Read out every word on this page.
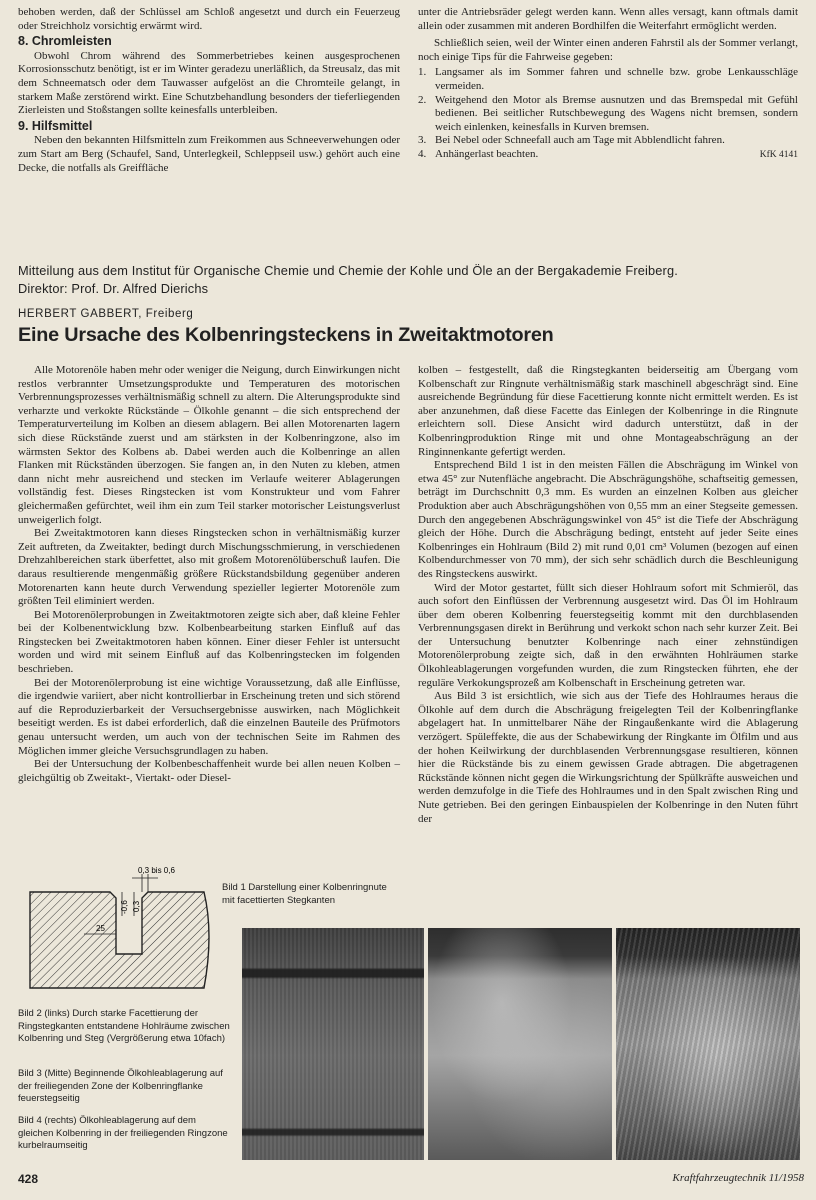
behoben werden, daß der Schlüssel am Schloß angesetzt und durch ein Feuerzeug oder Streichholz vorsichtig erwärmt wird.

8. Chromleisten

Obwohl Chrom während des Sommerbetriebes keinen ausgesprochenen Korrosionsschutz benötigt, ist er im Winter geradezu unerläßlich, da Streusalz, das mit dem Schneematsch oder dem Tauwasser aufgelöst an die Chromteile gelangt, in starkem Maße zerstörend wirkt. Eine Schutzbehandlung besonders der tieferliegenden Zierleisten und Stoßstangen sollte keinesfalls unterbleiben.

9. Hilfsmittel

Neben den bekannten Hilfsmitteln zum Freikommen aus Schneeverwehungen oder zum Start am Berg (Schaufel, Sand, Unterlegkeil, Schleppseil usw.) gehört auch eine Decke, die notfalls als Greiffläche

unter die Antriebsräder gelegt werden kann. Wenn alles versagt, kann oftmals damit allein oder zusammen mit anderen Bordhilfen die Weiterfahrt ermöglicht werden.

Schließlich seien, weil der Winter einen anderen Fahrstil als der Sommer verlangt, noch einige Tips für die Fahrweise gegeben:

1. Langsamer als im Sommer fahren und schnelle bzw. grobe Lenkausschläge vermeiden.
2. Weitgehend den Motor als Bremse ausnutzen und das Bremspedal mit Gefühl bedienen. Bei seitlicher Rutschbewegung des Wagens nicht bremsen, sondern weich einlenken, keinesfalls in Kurven bremsen.
3. Bei Nebel oder Schneefall auch am Tage mit Abblendlicht fahren.
4. Anhängerlast beachten.	KfK 4141
Mitteilung aus dem Institut für Organische Chemie und Chemie der Kohle und Öle an der Bergakademie Freiberg.
Direktor: Prof. Dr. Alfred Dierichs
HERBERT GABBERT, Freiberg
Eine Ursache des Kolbenringsteckens in Zweitaktmotoren

Alle Motorenöle haben mehr oder weniger die Neigung, durch Einwirkungen nicht restlos verbrannter Umsetzungsprodukte und Temperaturen des motorischen Verbrennungsprozesses verhältnismäßig schnell zu altern. Die Alterungsprodukte sind verharzte und verkokte Rückstände – Ölkohle genannt – die sich entsprechend der Temperaturverteilung im Kolben an diesem ablagern. Bei allen Motorenarten lagern sich diese Rückstände zuerst und am stärksten in der Kolbenringzone, also im wärmsten Sektor des Kolbens ab. Dabei werden auch die Kolbenringe an allen Flanken mit Rückständen überzogen. Sie fangen an, in den Nuten zu kleben, atmen dann nicht mehr ausreichend und stecken im Verlaufe weiterer Ablagerungen vollständig fest. Dieses Ringstecken ist vom Konstrukteur und vom Fahrer gleichermaßen gefürchtet, weil ihm ein zum Teil starker motorischer Leistungsverlust unweigerlich folgt.

Bei Zweitaktmotoren kann dieses Ringstecken schon in verhältnismäßig kurzer Zeit auftreten, da Zweitakter, bedingt durch Mischungsschmierung, in verschiedenen Drehzahlbereichen stark überfettet, also mit großem Motorenölüberschuß laufen. Die daraus resultierende mengenmäßig größere Rückstandsbildung gegenüber anderen Motorenarten kann heute durch Verwendung spezieller legierter Motorenöle zum größten Teil eliminiert werden.

Bei Motorenölerprobungen in Zweitaktmotoren zeigte sich aber, daß kleine Fehler bei der Kolbenentwicklung bzw. Kolbenbearbeitung starken Einfluß auf das Ringstecken bei Zweitaktmotoren haben können. Einer dieser Fehler ist untersucht worden und wird mit seinem Einfluß auf das Kolbenringstecken im folgenden beschrieben.

Bei der Motorenölerprobung ist eine wichtige Voraussetzung, daß alle Einflüsse, die irgendwie variiert, aber nicht kontrollierbar in Erscheinung treten und sich störend auf die Reproduzierbarkeit der Versuchsergebnisse auswirken, nach Möglichkeit beseitigt werden. Es ist dabei erforderlich, daß die einzelnen Bauteile des Prüfmotors genau untersucht werden, um auch von der technischen Seite im Rahmen des Möglichen immer gleiche Versuchsgrundlagen zu haben.

Bei der Untersuchung der Kolbenbeschaffenheit wurde bei allen neuen Kolben – gleichgültig ob Zweitakt-, Viertakt- oder Diesel-

kolben – festgestellt, daß die Ringstegkanten beiderseitig am Übergang vom Kolbenschaft zur Ringnute verhältnismäßig stark maschinell abgeschrägt sind. Eine ausreichende Begründung für diese Facettierung konnte nicht ermittelt werden. Es ist aber anzunehmen, daß diese Facette das Einlegen der Kolbenringe in die Ringnute erleichtern soll. Diese Ansicht wird dadurch unterstützt, daß in der Kolbenringproduktion Ringe mit und ohne Montageabschrägung an der Ringinnenkante gefertigt werden.

Entsprechend Bild 1 ist in den meisten Fällen die Abschrägung im Winkel von etwa 45° zur Nutenfläche angebracht. Die Abschrägungshöhe, schaftseitig gemessen, beträgt im Durchschnitt 0,3 mm. Es wurden an einzelnen Kolben aus gleicher Produktion aber auch Abschrägungshöhen von 0,55 mm an einer Stegseite gemessen. Durch den angegebenen Abschrägungswinkel von 45° ist die Tiefe der Abschrägung gleich der Höhe. Durch die Abschrägung bedingt, entsteht auf jeder Seite eines Kolbenringes ein Hohlraum (Bild 2) mit rund 0,01 cm³ Volumen (bezogen auf einen Kolbendurchmesser von 70 mm), der sich sehr schädlich durch die Beschleunigung des Ringsteckens auswirkt.

Wird der Motor gestartet, füllt sich dieser Hohlraum sofort mit Schmieröl, das auch sofort den Einflüssen der Verbrennung ausgesetzt wird. Das Öl im Hohlraum über dem oberen Kolbenring feuerstegseitig kommt mit den durchblasenden Verbrennungsgasen direkt in Berührung und verkokt schon nach sehr kurzer Zeit. Bei der Untersuchung benutzter Kolbenringe nach einer zehnstündigen Motorenölerprobung zeigte sich, daß in den erwähnten Hohlräumen starke Ölkohleablagerungen vorgefunden wurden, die zum Ringstecken führten, ehe der reguläre Verkokungsprozeß am Kolbenschaft in Erscheinung getreten war.

Aus Bild 3 ist ersichtlich, wie sich aus der Tiefe des Hohlraumes heraus die Ölkohle auf dem durch die Abschrägung freigelegten Teil der Kolbenringflanke abgelagert hat. In unmittelbarer Nähe der Ringaußenkante wird die Ablagerung verzögert. Spüleffekte, die aus der Schabewirkung der Ringkante im Ölfilm und aus der hohen Keilwirkung der durchblasenden Verbrennungsgase resultieren, können hier die Rückstände bis zu einem gewissen Grade abtragen. Die abgetragenen Rückstände können nicht gegen die Wirkungsrichtung der Spülkräfte ausweichen und werden demzufolge in die Tiefe des Hohlraumes und in den Spalt zwischen Ring und Nute getrieben. Bei den geringen Einbauspielen der Kolbenringe in den Nuten führt der

0,3 bis 0,6
-0,6 0,3
25
Bild 1 Darstellung einer Kolbenringnute mit facettierten Stegkanten
Bild 2 (links) Durch starke Facettierung der Ringstegkanten entstandene Hohlräume zwischen Kolbenring und Steg (Vergrößerung etwa 10fach)
Bild 3 (Mitte) Beginnende Ölkohleablagerung auf der freiliegenden Zone der Kolbenringflanke feuerstegseitig
Bild 4 (rechts) Ölkohleablagerung auf dem gleichen Kolbenring in der freiliegenden Ringzone kurbelraumseitig
428	Kraftfahrzeugtechnik 11/1958
